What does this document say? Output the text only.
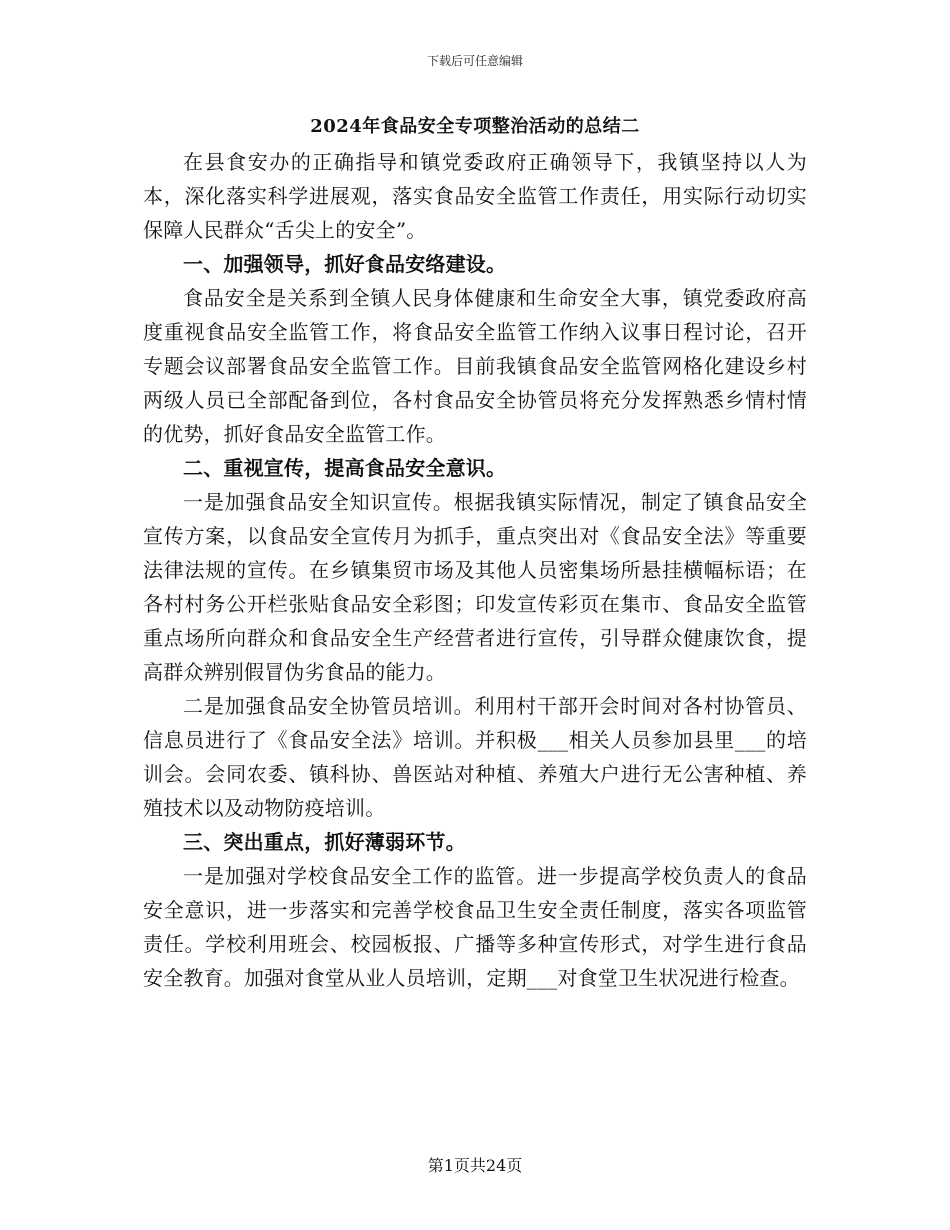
下载后可任意编辑
2024年食品安全专项整治活动的总结二

在县食安办的正确指导和镇党委政府正确领导下，我镇坚持以人为本，深化落实科学进展观，落实食品安全监管工作责任，用实际行动切实保障人民群众“舌尖上的安全”。

一、加强领导，抓好食品安络建设。

食品安全是关系到全镇人民身体健康和生命安全大事，镇党委政府高度重视食品安全监管工作，将食品安全监管工作纳入议事日程讨论，召开专题会议部署食品安全监管工作。目前我镇食品安全监管网格化建设乡村两级人员已全部配备到位，各村食品安全协管员将充分发挥熟悉乡情村情的优势，抓好食品安全监管工作。

二、重视宣传，提高食品安全意识。

一是加强食品安全知识宣传。根据我镇实际情况，制定了镇食品安全宣传方案，以食品安全宣传月为抓手，重点突出对《食品安全法》等重要法律法规的宣传。在乡镇集贸市场及其他人员密集场所悬挂横幅标语；在各村村务公开栏张贴食品安全彩图；印发宣传彩页在集市、食品安全监管重点场所向群众和食品安全生产经营者进行宣传，引导群众健康饮食，提高群众辨别假冒伪劣食品的能力。

二是加强食品安全协管员培训。利用村干部开会时间对各村协管员、信息员进行了《食品安全法》培训。并积极___相关人员参加县里___的培训会。会同农委、镇科协、兽医站对种植、养殖大户进行无公害种植、养殖技术以及动物防疫培训。

三、突出重点，抓好薄弱环节。

一是加强对学校食品安全工作的监管。进一步提高学校负责人的食品安全意识，进一步落实和完善学校食品卫生安全责任制度，落实各项监管责任。学校利用班会、校园板报、广播等多种宣传形式，对学生进行食品安全教育。加强对食堂从业人员培训，定期___对食堂卫生状况进行检查。

第1页共24页
